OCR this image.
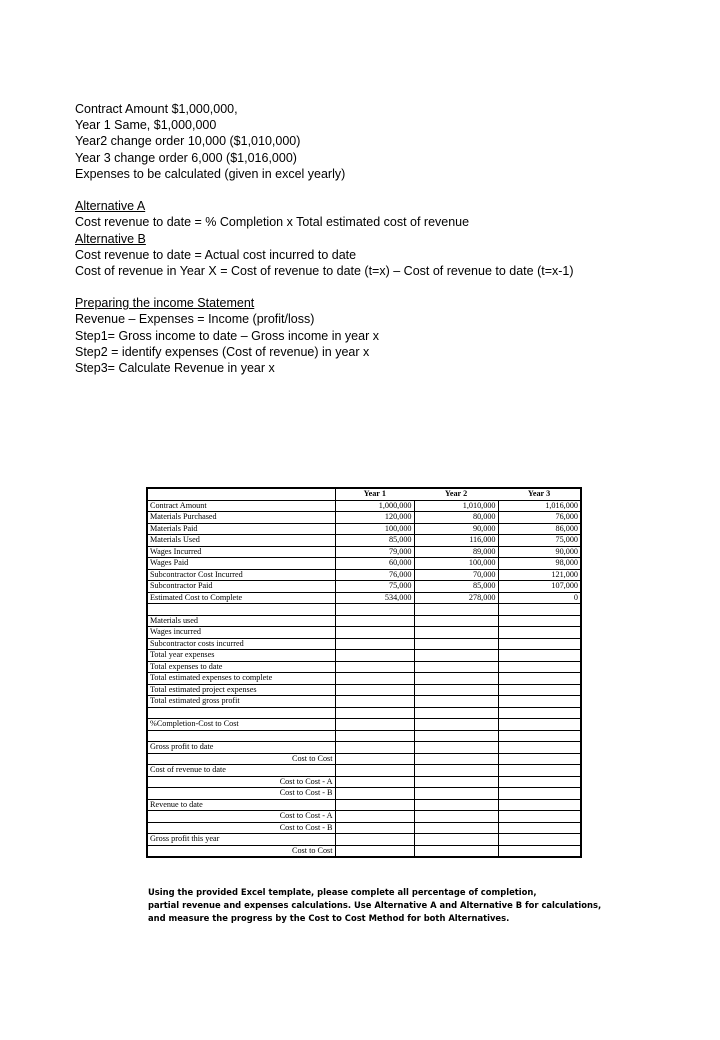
Contract Amount $1,000,000,
Year 1 Same, $1,000,000
Year2 change order 10,000 ($1,010,000)
Year 3 change order 6,000 ($1,016,000)
Expenses to be calculated (given in excel yearly)
Alternative A
Cost revenue to date = % Completion x Total estimated cost of revenue
Alternative B
Cost revenue to date = Actual cost incurred to date
Cost of revenue in Year X = Cost of revenue to date (t=x) – Cost of revenue to date (t=x-1)
Preparing the income Statement
Revenue – Expenses = Income (profit/loss)
Step1= Gross income to date – Gross income in year x
Step2 = identify expenses (Cost of revenue) in year x
Step3= Calculate Revenue in year x
	Year 1	Year 2	Year 3
Contract Amount	1,000,000	1,010,000	1,016,000
Materials Purchased	120,000	80,000	76,000
Materials Paid	100,000	90,000	86,000
Materials Used	85,000	116,000	75,000
Wages Incurred	79,000	89,000	90,000
Wages Paid	60,000	100,000	98,000
Subcontractor Cost Incurred	76,000	70,000	121,000
Subcontractor Paid	75,000	85,000	107,000
Estimated Cost to Complete	534,000	278,000	0

Materials used			
Wages incurred			
Subcontractor costs incurred			
Total year expenses			
Total expenses to date			
Total estimated expenses to complete			
Total estimated project expenses			
Total estimated gross profit			

%Completion-Cost to Cost			

Gross profit to date			
Cost to Cost			
Cost of revenue to date			
Cost to Cost - A			
Cost to Cost - B			
Revenue to date			
Cost to Cost - A			
Cost to Cost - B			
Gross profit this year			
Cost to Cost			
Using the provided Excel template, please complete all percentage of completion,
partial revenue and expenses calculations. Use Alternative A and Alternative B for calculations,
and measure the progress by the Cost to Cost Method for both Alternatives.
